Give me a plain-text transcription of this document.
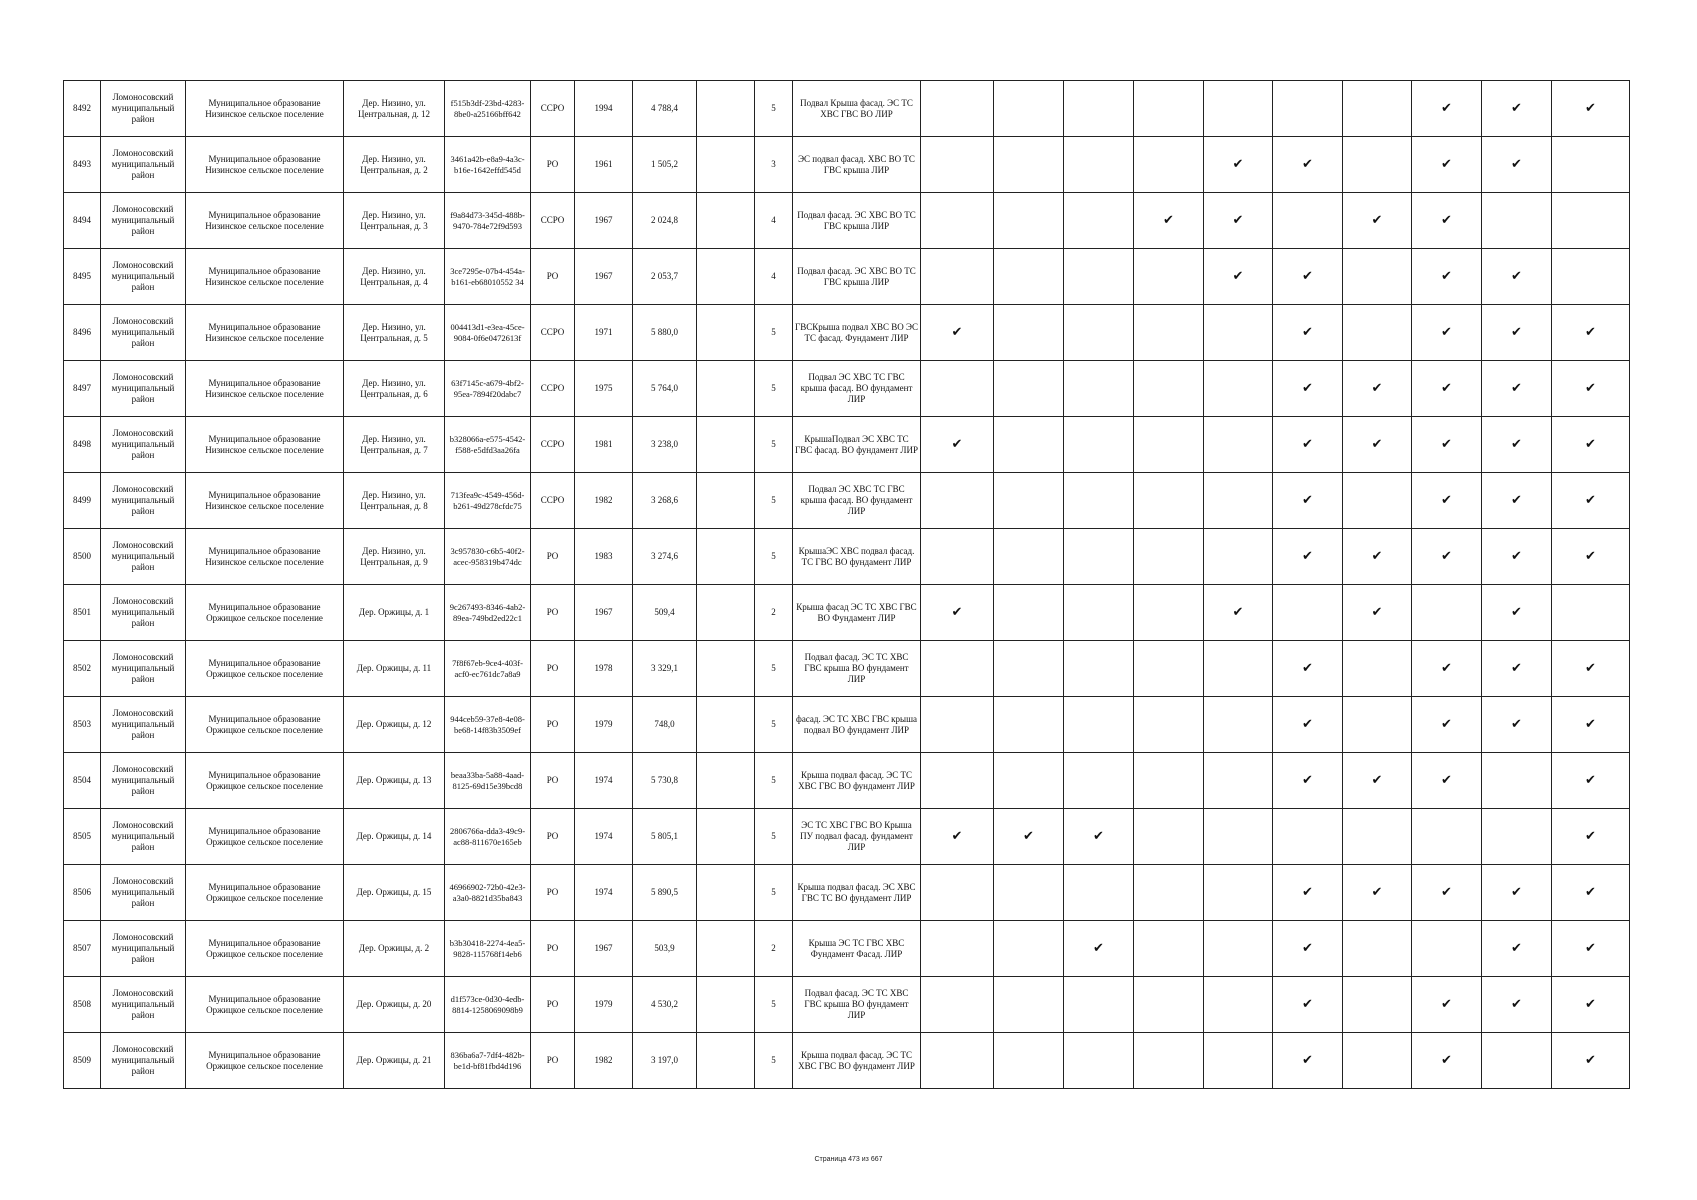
8492	Ломоносовский муниципальный район	Муниципальное образование Низинское сельское поселение	Дер. Низино, ул. Центральная, д. 12	f515b3df-23bd-4283-8be0-a25166bff642	ССРО	1994	4 788,4		5	Подвал Крыша фасад. ЭС ТС ХВС ГВС ВО ЛИР								✔	✔	✔
8493	Ломоносовский муниципальный район	Муниципальное образование Низинское сельское поселение	Дер. Низино, ул. Центральная, д. 2	3461a42b-e8a9-4a3c-b16e-1642effd545d	РО	1961	1 505,2		3	ЭС подвал фасад. ХВС ВО ТС ГВС крыша ЛИР					✔	✔		✔	✔	
8494	Ломоносовский муниципальный район	Муниципальное образование Низинское сельское поселение	Дер. Низино, ул. Центральная, д. 3	f9a84d73-345d-488b-9470-784e72f9d593	ССРО	1967	2 024,8		4	Подвал фасад. ЭС ХВС ВО ТС ГВС крыша ЛИР				✔	✔		✔	✔		
8495	Ломоносовский муниципальный район	Муниципальное образование Низинское сельское поселение	Дер. Низино, ул. Центральная, д. 4	3ce7295e-07b4-454a-b161-eb68010552 34	РО	1967	2 053,7		4	Подвал фасад. ЭС ХВС ВО ТС ГВС крыша ЛИР					✔	✔		✔	✔	
8496	Ломоносовский муниципальный район	Муниципальное образование Низинское сельское поселение	Дер. Низино, ул. Центральная, д. 5	004413d1-e3ea-45ce-9084-0f6e0472613f	ССРО	1971	5 880,0		5	ГВСКрыша подвал ХВС ВО ЭС ТС фасад. Фундамент ЛИР	✔					✔		✔	✔	✔
8497	Ломоносовский муниципальный район	Муниципальное образование Низинское сельское поселение	Дер. Низино, ул. Центральная, д. 6	63f7145c-a679-4bf2-95ea-7894f20dabc7	ССРО	1975	5 764,0		5	Подвал ЭС ХВС ТС ГВС крыша фасад. ВО фундамент ЛИР						✔	✔	✔	✔	✔
8498	Ломоносовский муниципальный район	Муниципальное образование Низинское сельское поселение	Дер. Низино, ул. Центральная, д. 7	b328066a-e575-4542-f588-e5dfd3aa26fa	ССРО	1981	3 238,0		5	КрышаПодвал ЭС ХВС ТС ГВС фасад. ВО фундамент ЛИР	✔					✔	✔	✔	✔	✔
8499	Ломоносовский муниципальный район	Муниципальное образование Низинское сельское поселение	Дер. Низино, ул. Центральная, д. 8	713fea9c-4549-456d-b261-49d278cfdc75	ССРО	1982	3 268,6		5	Подвал ЭС ХВС ТС ГВС крыша фасад. ВО фундамент ЛИР						✔		✔	✔	✔
8500	Ломоносовский муниципальный район	Муниципальное образование Низинское сельское поселение	Дер. Низино, ул. Центральная, д. 9	3c957830-c6b5-40f2-acec-958319b474dc	РО	1983	3 274,6		5	КрышаЭС ХВС подвал фасад. ТС ГВС ВО фундамент ЛИР						✔	✔	✔	✔	✔
8501	Ломоносовский муниципальный район	Муниципальное образование Оржицкое сельское поселение	Дер. Оржицы, д. 1	9c267493-8346-4ab2-89ea-749bd2ed22c1	РО	1967	509,4		2	Крыша фасад ЭС ТС ХВС ГВС ВО Фундамент ЛИР	✔				✔		✔		✔	
8502	Ломоносовский муниципальный район	Муниципальное образование Оржицкое сельское поселение	Дер. Оржицы, д. 11	7f8f67eb-9ce4-403f-acf0-ec761dc7a8a9	РО	1978	3 329,1		5	Подвал фасад. ЭС ТС ХВС ГВС крыша ВО фундамент ЛИР						✔		✔	✔	✔
8503	Ломоносовский муниципальный район	Муниципальное образование Оржицкое сельское поселение	Дер. Оржицы, д. 12	944ceb59-37e8-4e08-be68-14f83b3509ef	РО	1979	748,0		5	фасад. ЭС ТС ХВС ГВС крыша подвал ВО фундамент ЛИР						✔		✔	✔	✔
8504	Ломоносовский муниципальный район	Муниципальное образование Оржицкое сельское поселение	Дер. Оржицы, д. 13	beaa33ba-5a88-4aad-8125-69d15e39bcd8	РО	1974	5 730,8		5	Крыша подвал фасад. ЭС ТС ХВС ГВС ВО фундамент ЛИР						✔	✔	✔		✔
8505	Ломоносовский муниципальный район	Муниципальное образование Оржицкое сельское поселение	Дер. Оржицы, д. 14	2806766a-dda3-49c9-ac88-811670e165eb	РО	1974	5 805,1		5	ЭС ТС ХВС ГВС ВО Крыша ПУ подвал фасад. фундамент ЛИР	✔	✔	✔							✔
8506	Ломоносовский муниципальный район	Муниципальное образование Оржицкое сельское поселение	Дер. Оржицы, д. 15	46966902-72b0-42e3-a3a0-8821d35ba843	РО	1974	5 890,5		5	Крыша подвал фасад. ЭС ХВС ГВС ТС ВО фундамент ЛИР						✔	✔	✔	✔	✔
8507	Ломоносовский муниципальный район	Муниципальное образование Оржицкое сельское поселение	Дер. Оржицы, д. 2	b3b30418-2274-4ea5-9828-115768f14eb6	РО	1967	503,9		2	Крыша ЭС ТС ГВС ХВС Фундамент Фасад. ЛИР			✔			✔			✔	✔
8508	Ломоносовский муниципальный район	Муниципальное образование Оржицкое сельское поселение	Дер. Оржицы, д. 20	d1f573ce-0d30-4edb-8814-1258069098b9	РО	1979	4 530,2		5	Подвал фасад. ЭС ТС ХВС ГВС крыша ВО фундамент ЛИР						✔		✔	✔	✔
8509	Ломоносовский муниципальный район	Муниципальное образование Оржицкое сельское поселение	Дер. Оржицы, д. 21	836ba6a7-7df4-482b-be1d-bf81fbd4d196	РО	1982	3 197,0		5	Крыша подвал фасад. ЭС ТС ХВС ГВС ВО фундамент ЛИР						✔		✔		✔
Страница 473 из 667
